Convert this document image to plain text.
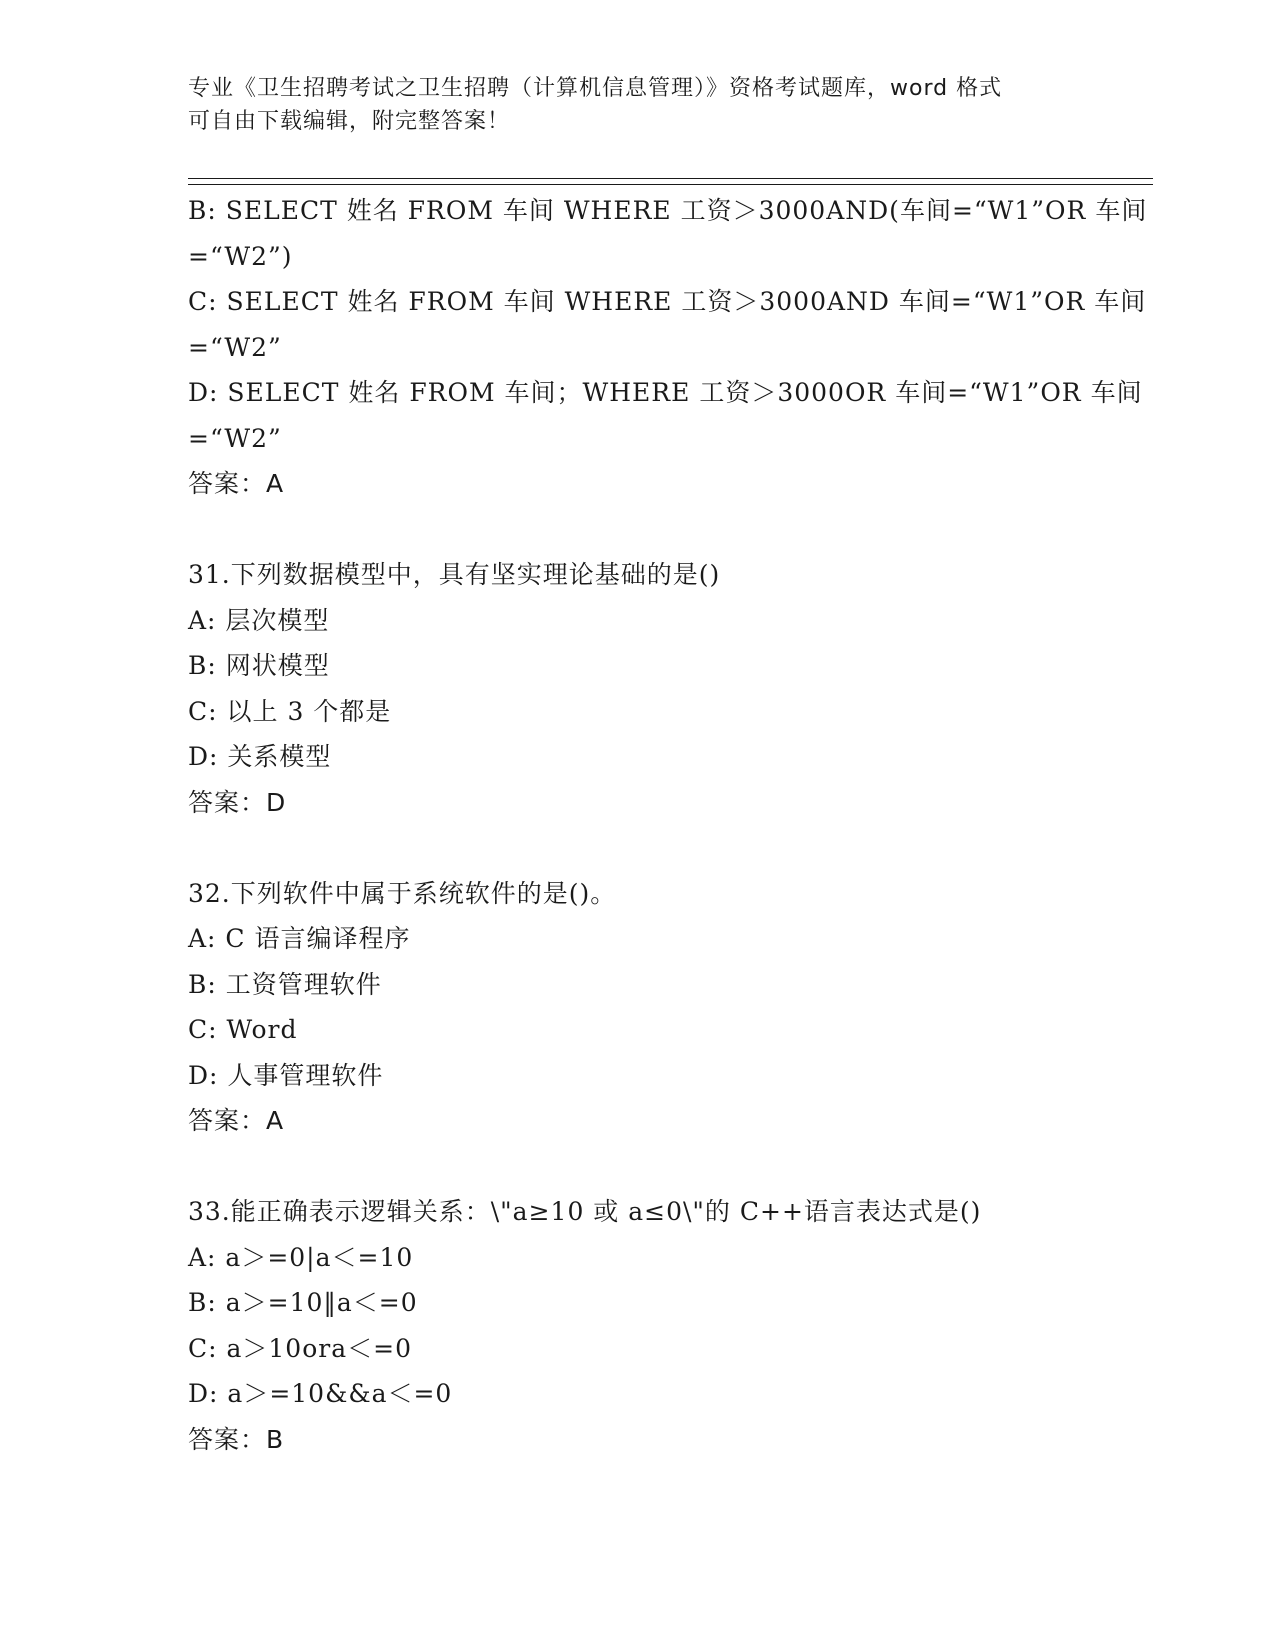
专业《卫生招聘考试之卫生招聘（计算机信息管理）》资格考试题库，word 格式
可自由下载编辑，附完整答案！
B: SELECT 姓名 FROM 车间 WHERE 工资＞3000AND(车间=“W1”OR 车间
=“W2”)
C: SELECT 姓名 FROM 车间 WHERE 工资＞3000AND 车间=“W1”OR 车间
=“W2”
D: SELECT 姓名 FROM 车间；WHERE 工资＞3000OR 车间=“W1”OR 车间
=“W2”
答案：A
31.下列数据模型中，具有坚实理论基础的是()
A: 层次模型
B: 网状模型
C: 以上 3 个都是
D: 关系模型
答案：D
32.下列软件中属于系统软件的是()。
A: C 语言编译程序
B: 工资管理软件
C: Word
D: 人事管理软件
答案：A
33.能正确表示逻辑关系：\"a≥10 或 a≤0\"的 C++语言表达式是()
A: a＞=0|a＜=10
B: a＞=10‖a＜=0
C: a＞10ora＜=0
D: a＞=10&&a＜=0
答案：B
